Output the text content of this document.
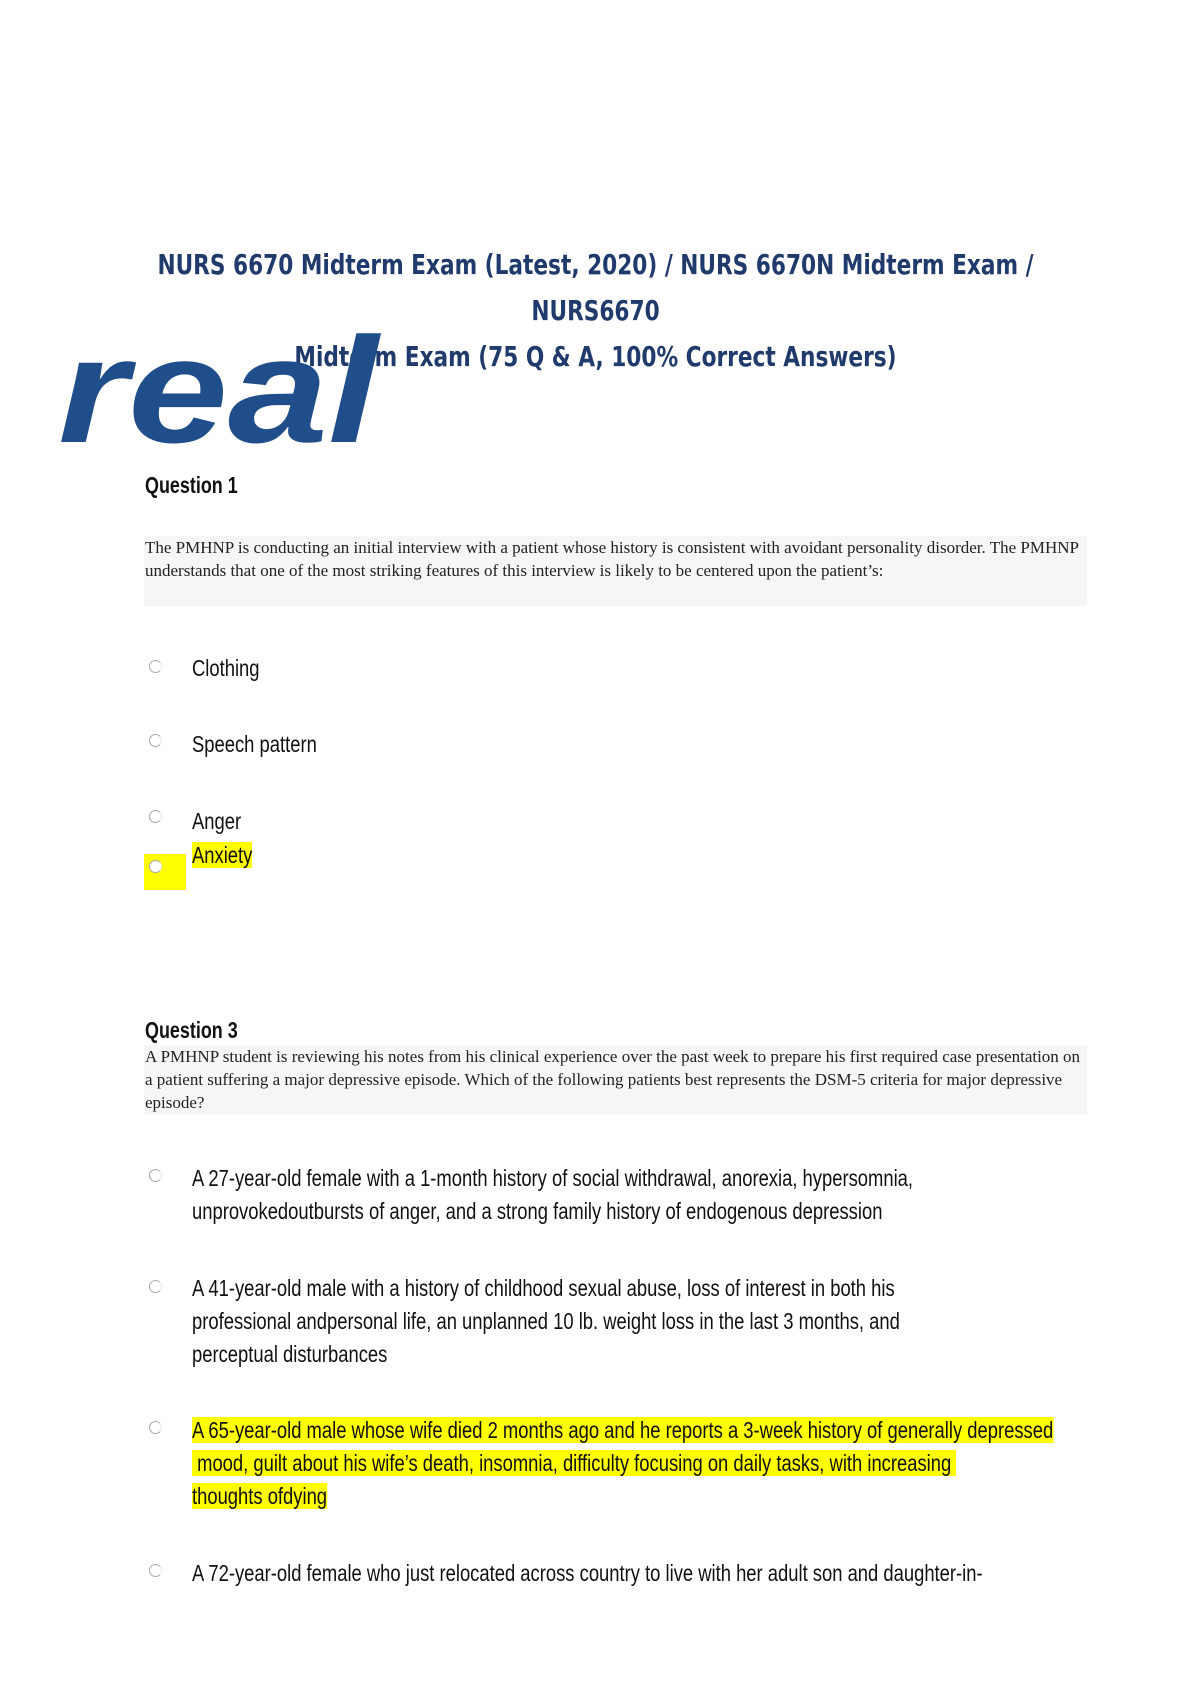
NURS 6670 Midterm Exam (Latest, 2020) / NURS 6670N Midterm Exam / NURS6670
Midterm Exam (75 Q & A, 100% Correct Answers)
real
Question 1
The PMHNP is conducting an initial interview with a patient whose history is consistent with avoidant personality disorder. The PMHNP understands that one of the most striking features of this interview is likely to be centered upon the patient’s:
Clothing
Speech pattern
Anger
Anxiety
Question 3
A PMHNP student is reviewing his notes from his clinical experience over the past week to prepare his first required case presentation on a patient suffering a major depressive episode. Which of the following patients best represents the DSM-5 criteria for major depressive episode?
A 27-year-old female with a 1-month history of social withdrawal, anorexia, hypersomnia,
unprovokedoutbursts of anger, and a strong family history of endogenous depression
A 41-year-old male with a history of childhood sexual abuse, loss of interest in both his
professional andpersonal life, an unplanned 10 lb. weight loss in the last 3 months, and
perceptual disturbances
A 65-year-old male whose wife died 2 months ago and he reports a 3-week history of generally depressed
mood, guilt about his wife’s death, insomnia, difficulty focusing on daily tasks, with increasing
thoughts ofdying
A 72-year-old female who just relocated across country to live with her adult son and daughter-in-
